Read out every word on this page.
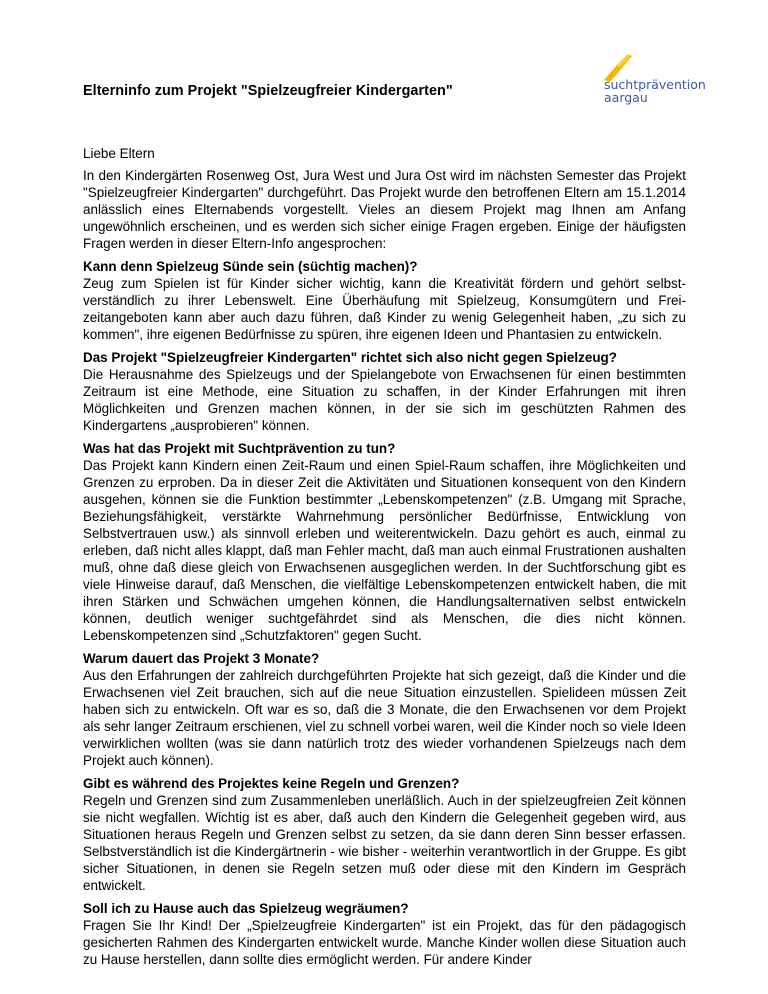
Elterninfo zum Projekt "Spielzeugfreier Kindergarten"	suchtprävention
aargau

Liebe Eltern

In den Kindergärten Rosenweg Ost, Jura West und Jura Ost wird im nächsten Semester das Projekt "Spielzeugfreier Kindergarten" durchgeführt. Das Projekt wurde den betroffenen Eltern am 15.1.2014 anlässlich eines Elternabends vorgestellt. Vieles an diesem Projekt mag Ihnen am Anfang ungewöhnlich erscheinen, und es werden sich sicher einige Fragen ergeben. Einige der häufigsten Fragen werden in dieser Eltern-Info angesprochen:

Kann denn Spielzeug Sünde sein (süchtig machen)?

Zeug zum Spielen ist für Kinder sicher wichtig, kann die Kreativität fördern und gehört selbstverständlich zu ihrer Lebenswelt. Eine Überhäufung mit Spielzeug, Konsumgütern und Freizeitangeboten kann aber auch dazu führen, daß Kinder zu wenig Gelegenheit haben, „zu sich zu kommen", ihre eigenen Bedürfnisse zu spüren, ihre eigenen Ideen und Phantasien zu entwickeln.

Das Projekt "Spielzeugfreier Kindergarten" richtet sich also nicht gegen Spielzeug?

Die Herausnahme des Spielzeugs und der Spielangebote von Erwachsenen für einen bestimmten Zeitraum ist eine Methode, eine Situation zu schaffen, in der Kinder Erfahrungen mit ihren Möglichkeiten und Grenzen machen können, in der sie sich im geschützten Rahmen des Kindergartens „ausprobieren" können.

Was hat das Projekt mit Suchtprävention zu tun?

Das Projekt kann Kindern einen Zeit-Raum und einen Spiel-Raum schaffen, ihre Möglichkeiten und Grenzen zu erproben. Da in dieser Zeit die Aktivitäten und Situationen konsequent von den Kindern ausgehen, können sie die Funktion bestimmter „Lebenskompetenzen" (z.B. Umgang mit Sprache, Beziehungsfähigkeit, verstärkte Wahrnehmung persönlicher Bedürfnisse, Entwicklung von Selbstvertrauen usw.) als sinnvoll erleben und weiterentwickeln. Dazu gehört es auch, einmal zu erleben, daß nicht alles klappt, daß man Fehler macht, daß man auch einmal Frustrationen aushalten muß, ohne daß diese gleich von Erwachsenen ausgeglichen werden. In der Suchtforschung gibt es viele Hinweise darauf, daß Menschen, die vielfältige Lebenskompetenzen entwickelt haben, die mit ihren Stärken und Schwächen umgehen können, die Handlungsalternativen selbst entwickeln können, deutlich weniger suchtgefährdet sind als Menschen, die dies nicht können. Lebenskompetenzen sind „Schutzfaktoren" gegen Sucht.

Warum dauert das Projekt 3 Monate?

Aus den Erfahrungen der zahlreich durchgeführten Projekte hat sich gezeigt, daß die Kinder und die Erwachsenen viel Zeit brauchen, sich auf die neue Situation einzustellen. Spielideen müssen Zeit haben sich zu entwickeln. Oft war es so, daß die 3 Monate, die den Erwachsenen vor dem Projekt als sehr langer Zeitraum erschienen, viel zu schnell vorbei waren, weil die Kinder noch so viele Ideen verwirklichen wollten (was sie dann natürlich trotz des wieder vorhandenen Spielzeugs nach dem Projekt auch können).

Gibt es während des Projektes keine Regeln und Grenzen?

Regeln und Grenzen sind zum Zusammenleben unerläßlich. Auch in der spielzeugfreien Zeit können sie nicht wegfallen. Wichtig ist es aber, daß auch den Kindern die Gelegenheit gegeben wird, aus Situationen heraus Regeln und Grenzen selbst zu setzen, da sie dann deren Sinn besser erfassen. Selbstverständlich ist die Kindergärtnerin - wie bisher - weiterhin verantwortlich in der Gruppe. Es gibt sicher Situationen, in denen sie Regeln setzen muß oder diese mit den Kindern im Gespräch entwickelt.

Soll ich zu Hause auch das Spielzeug wegräumen?

Fragen Sie Ihr Kind! Der „Spielzeugfreie Kindergarten" ist ein Projekt, das für den pädagogisch gesicherten Rahmen des Kindergarten entwickelt wurde. Manche Kinder wollen diese Situation auch zu Hause herstellen, dann sollte dies ermöglicht werden. Für andere Kinder
